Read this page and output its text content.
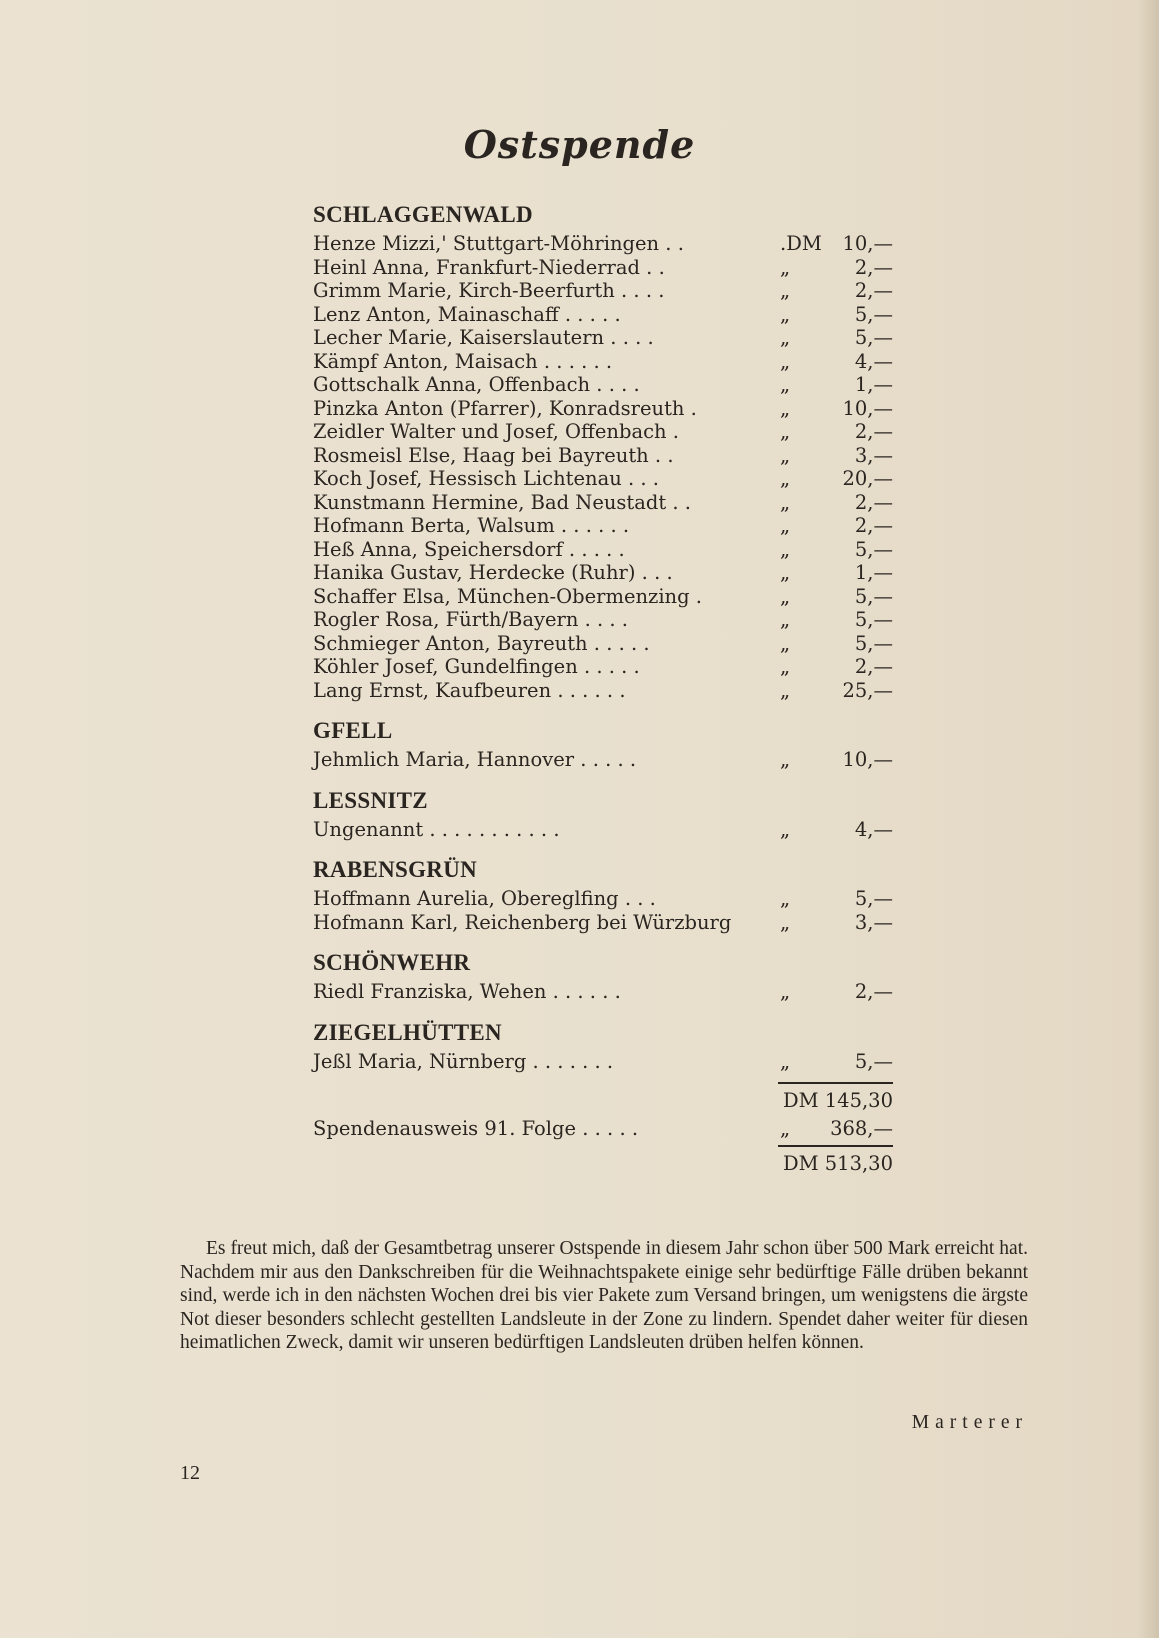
Ostspende
SCHLAGGENWALD
Henze Mizzi,' Stuttgart-Möhringen . .	.DM	10,—
Heinl Anna, Frankfurt-Niederrad . .	„	2,—
Grimm Marie, Kirch-Beerfurth . . . .	„	2,—
Lenz Anton, Mainaschaff . . . . .	„	5,—
Lecher Marie, Kaiserslautern . . . .	„	5,—
Kämpf Anton, Maisach . . . . . .	„	4,—
Gottschalk Anna, Offenbach . . . .	„	1,—
Pinzka Anton (Pfarrer), Konradsreuth .	„	10,—
Zeidler Walter und Josef, Offenbach .	„	2,—
Rosmeisl Else, Haag bei Bayreuth . .	„	3,—
Koch Josef, Hessisch Lichtenau . . .	„	20,—
Kunstmann Hermine, Bad Neustadt . .	„	2,—
Hofmann Berta, Walsum . . . . . .	„	2,—
Heß Anna, Speichersdorf . . . . .	„	5,—
Hanika Gustav, Herdecke (Ruhr) . . .	„	1,—
Schaffer Elsa, München-Obermenzing .	„	5,—
Rogler Rosa, Fürth/Bayern . . . .	„	5,—
Schmieger Anton, Bayreuth . . . . .	„	5,—
Köhler Josef, Gundelfingen . . . . .	„	2,—
Lang Ernst, Kaufbeuren . . . . . .	„	25,—
GFELL
Jehmlich Maria, Hannover . . . . .	„	10,—
LESSNITZ
Ungenannt . . . . . . . . . . .	„	4,—
RABENSGRÜN
Hoffmann Aurelia, Obereglfing . . .	„	5,—
Hofmann Karl, Reichenberg bei Würzburg „	3,—
SCHÖNWEHR
Riedl Franziska, Wehen . . . . . .	„	2,—
ZIEGELHÜTTEN
Jeßl Maria, Nürnberg . . . . . . .	„	5,—
DM 145,30
Spendenausweis 91. Folge . . . . .	„	368,—
DM 513,30
Es freut mich, daß der Gesamtbetrag unserer Ostspende in diesem Jahr schon über 500 Mark erreicht hat. Nachdem mir aus den Dankschreiben für die Weihnachtspakete einige sehr bedürftige Fälle drüben bekannt sind, werde ich in den nächsten Wochen drei bis vier Pakete zum Versand bringen, um wenigstens die ärgste Not dieser besonders schlecht gestellten Landsleute in der Zone zu lindern. Spendet daher weiter für diesen heimatlichen Zweck, damit wir unseren bedürftigen Landsleuten drüben helfen können.
Marterer
12
